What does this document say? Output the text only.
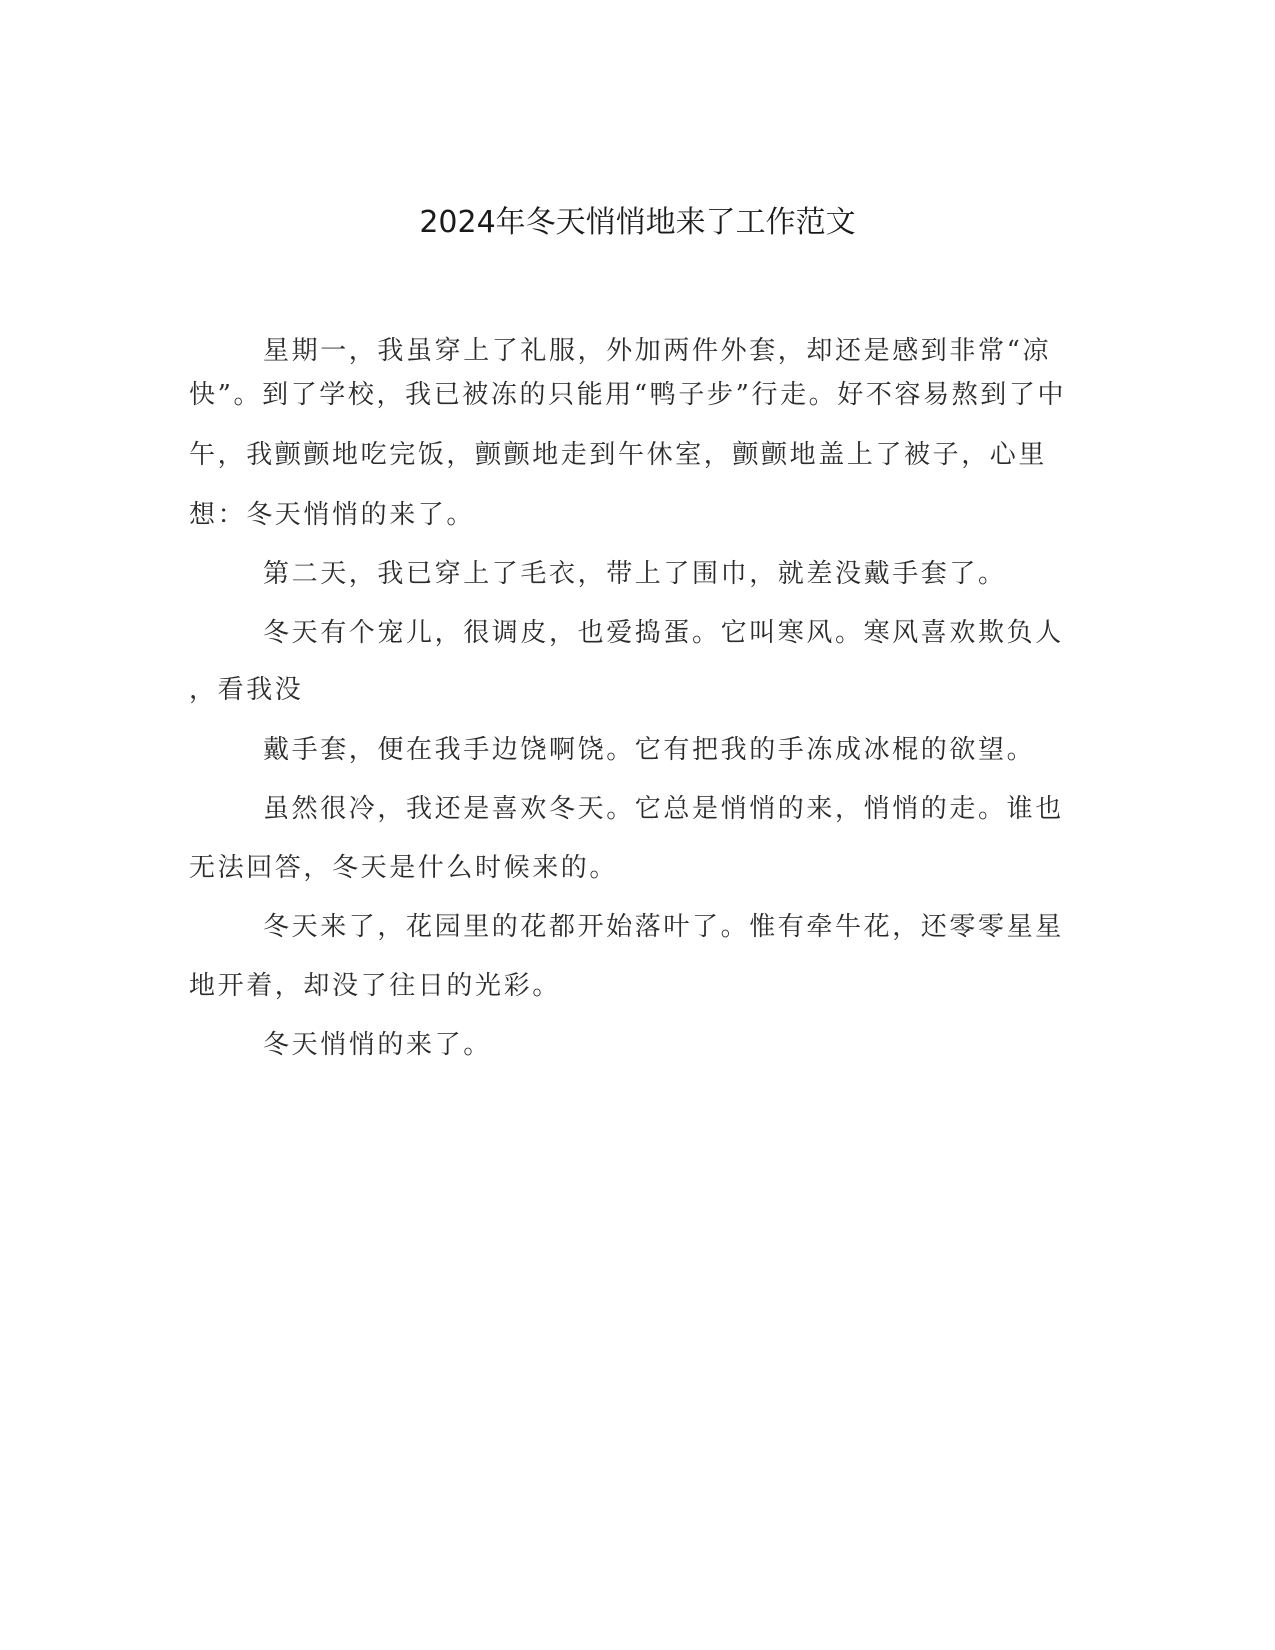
2024年冬天悄悄地来了工作范文
星期一，我虽穿上了礼服，外加两件外套，却还是感到非常“凉
快”。到了学校，我已被冻的只能用“鸭子步”行走。好不容易熬到了中
午，我颤颤地吃完饭，颤颤地走到午休室，颤颤地盖上了被子，心里
想：冬天悄悄的来了。
第二天，我已穿上了毛衣，带上了围巾，就差没戴手套了。
冬天有个宠儿，很调皮，也爱捣蛋。它叫寒风。寒风喜欢欺负人
，看我没
戴手套，便在我手边饶啊饶。它有把我的手冻成冰棍的欲望。
虽然很冷，我还是喜欢冬天。它总是悄悄的来，悄悄的走。谁也
无法回答，冬天是什么时候来的。
冬天来了，花园里的花都开始落叶了。惟有牵牛花，还零零星星
地开着，却没了往日的光彩。
冬天悄悄的来了。
